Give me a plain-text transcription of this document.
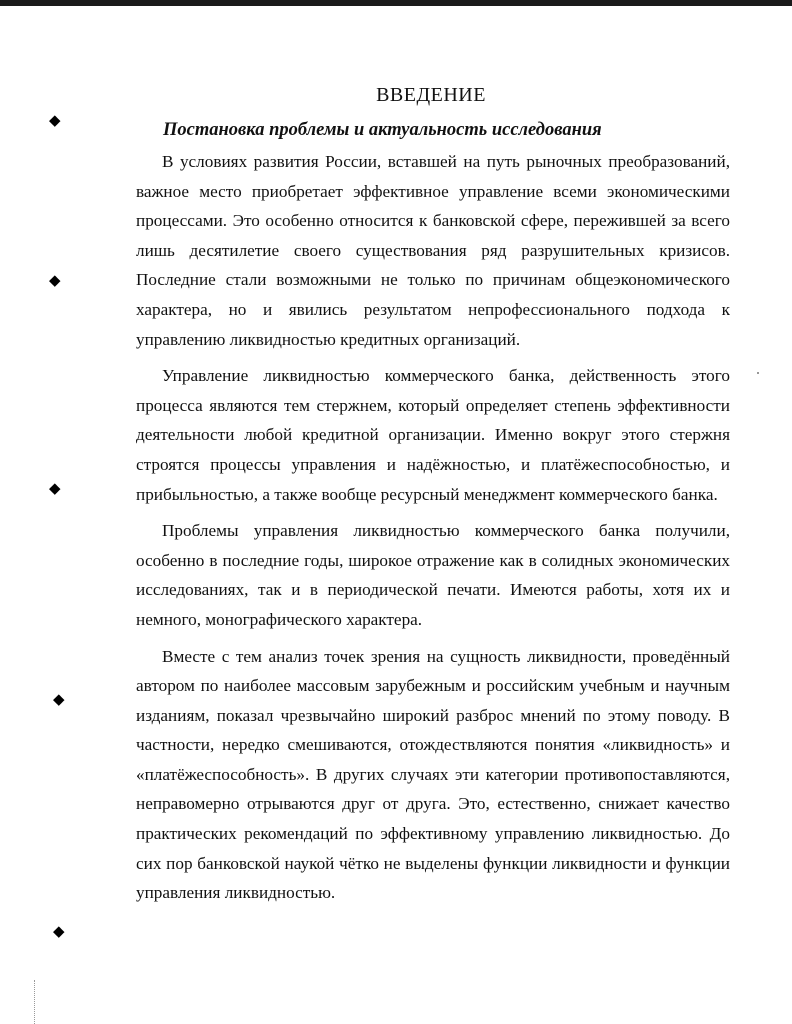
◆
◆
◆
◆
◆
ВВЕДЕНИЕ
Постановка проблемы и актуальность исследования

В условиях развития России, вставшей на путь рыночных преобразований, важное место приобретает эффективное управление всеми экономическими процессами. Это особенно относится к банковской сфере, пережившей за всего лишь десятилетие своего существования ряд разрушительных кризисов. Последние стали возможными не только по причинам общеэкономического характера, но и явились результатом непрофессионального подхода к управлению ликвидностью кредитных организаций.

Управление ликвидностью коммерческого банка, действенность этого процесса являются тем стержнем, который определяет степень эффективности деятельности любой кредитной организации. Именно вокруг этого стержня строятся процессы управления и надёжностью, и платёжеспособностью, и прибыльностью, а также вообще ресурсный менеджмент коммерческого банка.

Проблемы управления ликвидностью коммерческого банка получили, особенно в последние годы, широкое отражение как в солидных экономических исследованиях, так и в периодической печати. Имеются работы, хотя их и немного, монографического характера.

Вместе с тем анализ точек зрения на сущность ликвидности, проведённый автором по наиболее массовым зарубежным и российским учебным и научным изданиям, показал чрезвычайно широкий разброс мнений по этому поводу. В частности, нередко смешиваются, отождествляются понятия «ликвидность» и «платёжеспособность». В других случаях эти категории противопоставляются, неправомерно отрываются друг от друга. Это, естественно, снижает качество практических рекомендаций по эффективному управлению ликвидностью. До сих пор банковской наукой чётко не выделены функции ликвидности и функции управления ликвидностью.
